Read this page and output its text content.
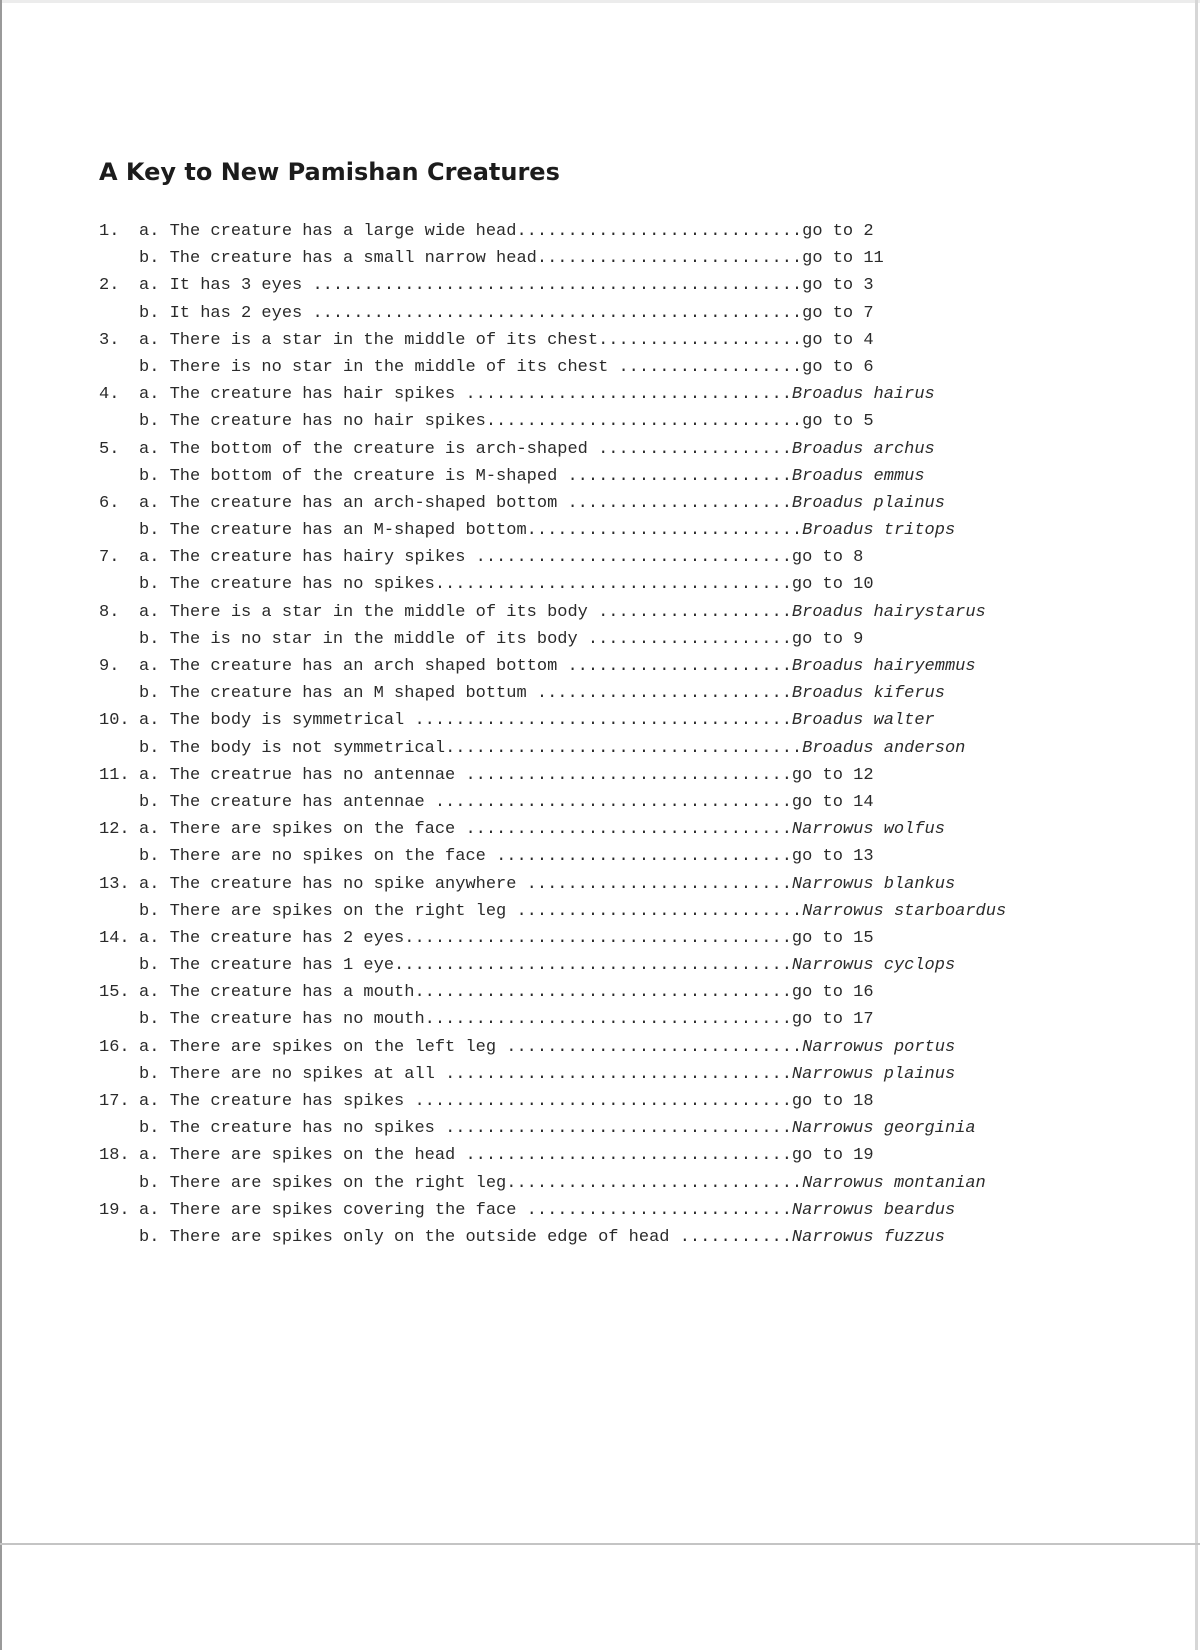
A Key to New Pamishan Creatures
1.	a. The creature has a large wide head ............................ go to 2
b. The creature has a small narrow head .......................... go to 11
2.	a. It has 3 eyes ................................................ go to 3
b. It has 2 eyes ................................................ go to 7
3.	a. There is a star in the middle of its chest .................... go to 4
b. There is no star in the middle of its chest .................. go to 6
4.	a. The creature has hair spikes ................................ Broadus hairus
b. The creature has no hair spikes ............................... go to 5
5.	a. The bottom of the creature is arch-shaped ................... Broadus archus
b. The bottom of the creature is M-shaped ...................... Broadus emmus
6.	a. The creature has an arch-shaped bottom ...................... Broadus plainus
b. The creature has an M-shaped bottom ........................... Broadus tritops
7.	a. The creature has hairy spikes ............................... go to 8
b. The creature has no spikes ................................... go to 10
8.	a. There is a star in the middle of its body ................... Broadus hairystarus
b. The is no star in the middle of its body .................... go to 9
9.	a. The creature has an arch shaped bottom ...................... Broadus hairyemmus
b. The creature has an M shaped bottum ......................... Broadus kiferus
10. a. The body is symmetrical ..................................... Broadus walter
b. The body is not symmetrical ................................... Broadus anderson
11. a. The creatrue has no antennae ................................ go to 12
b. The creature has antennae ................................... go to 14
12. a. There are spikes on the face ................................ Narrowus wolfus
b. There are no spikes on the face ............................. go to 13
13. a. The creature has no spike anywhere .......................... Narrowus blankus
b. There are spikes on the right leg ............................ Narrowus starboardus
14. a. The creature has 2 eyes ...................................... go to 15
b. The creature has 1 eye ....................................... Narrowus cyclops
15. a. The creature has a mouth ..................................... go to 16
b. The creature has no mouth .................................... go to 17
16. a. There are spikes on the left leg ............................. Narrowus portus
b. There are no spikes at all .................................. Narrowus plainus
17. a. The creature has spikes ..................................... go to 18
b. The creature has no spikes .................................. Narrowus georginia
18. a. There are spikes on the head ................................ go to 19
b. There are spikes on the right leg ............................. Narrowus montanian
19. a. There are spikes covering the face .......................... Narrowus beardus
b. There are spikes only on the outside edge of head ........... Narrowus fuzzus
